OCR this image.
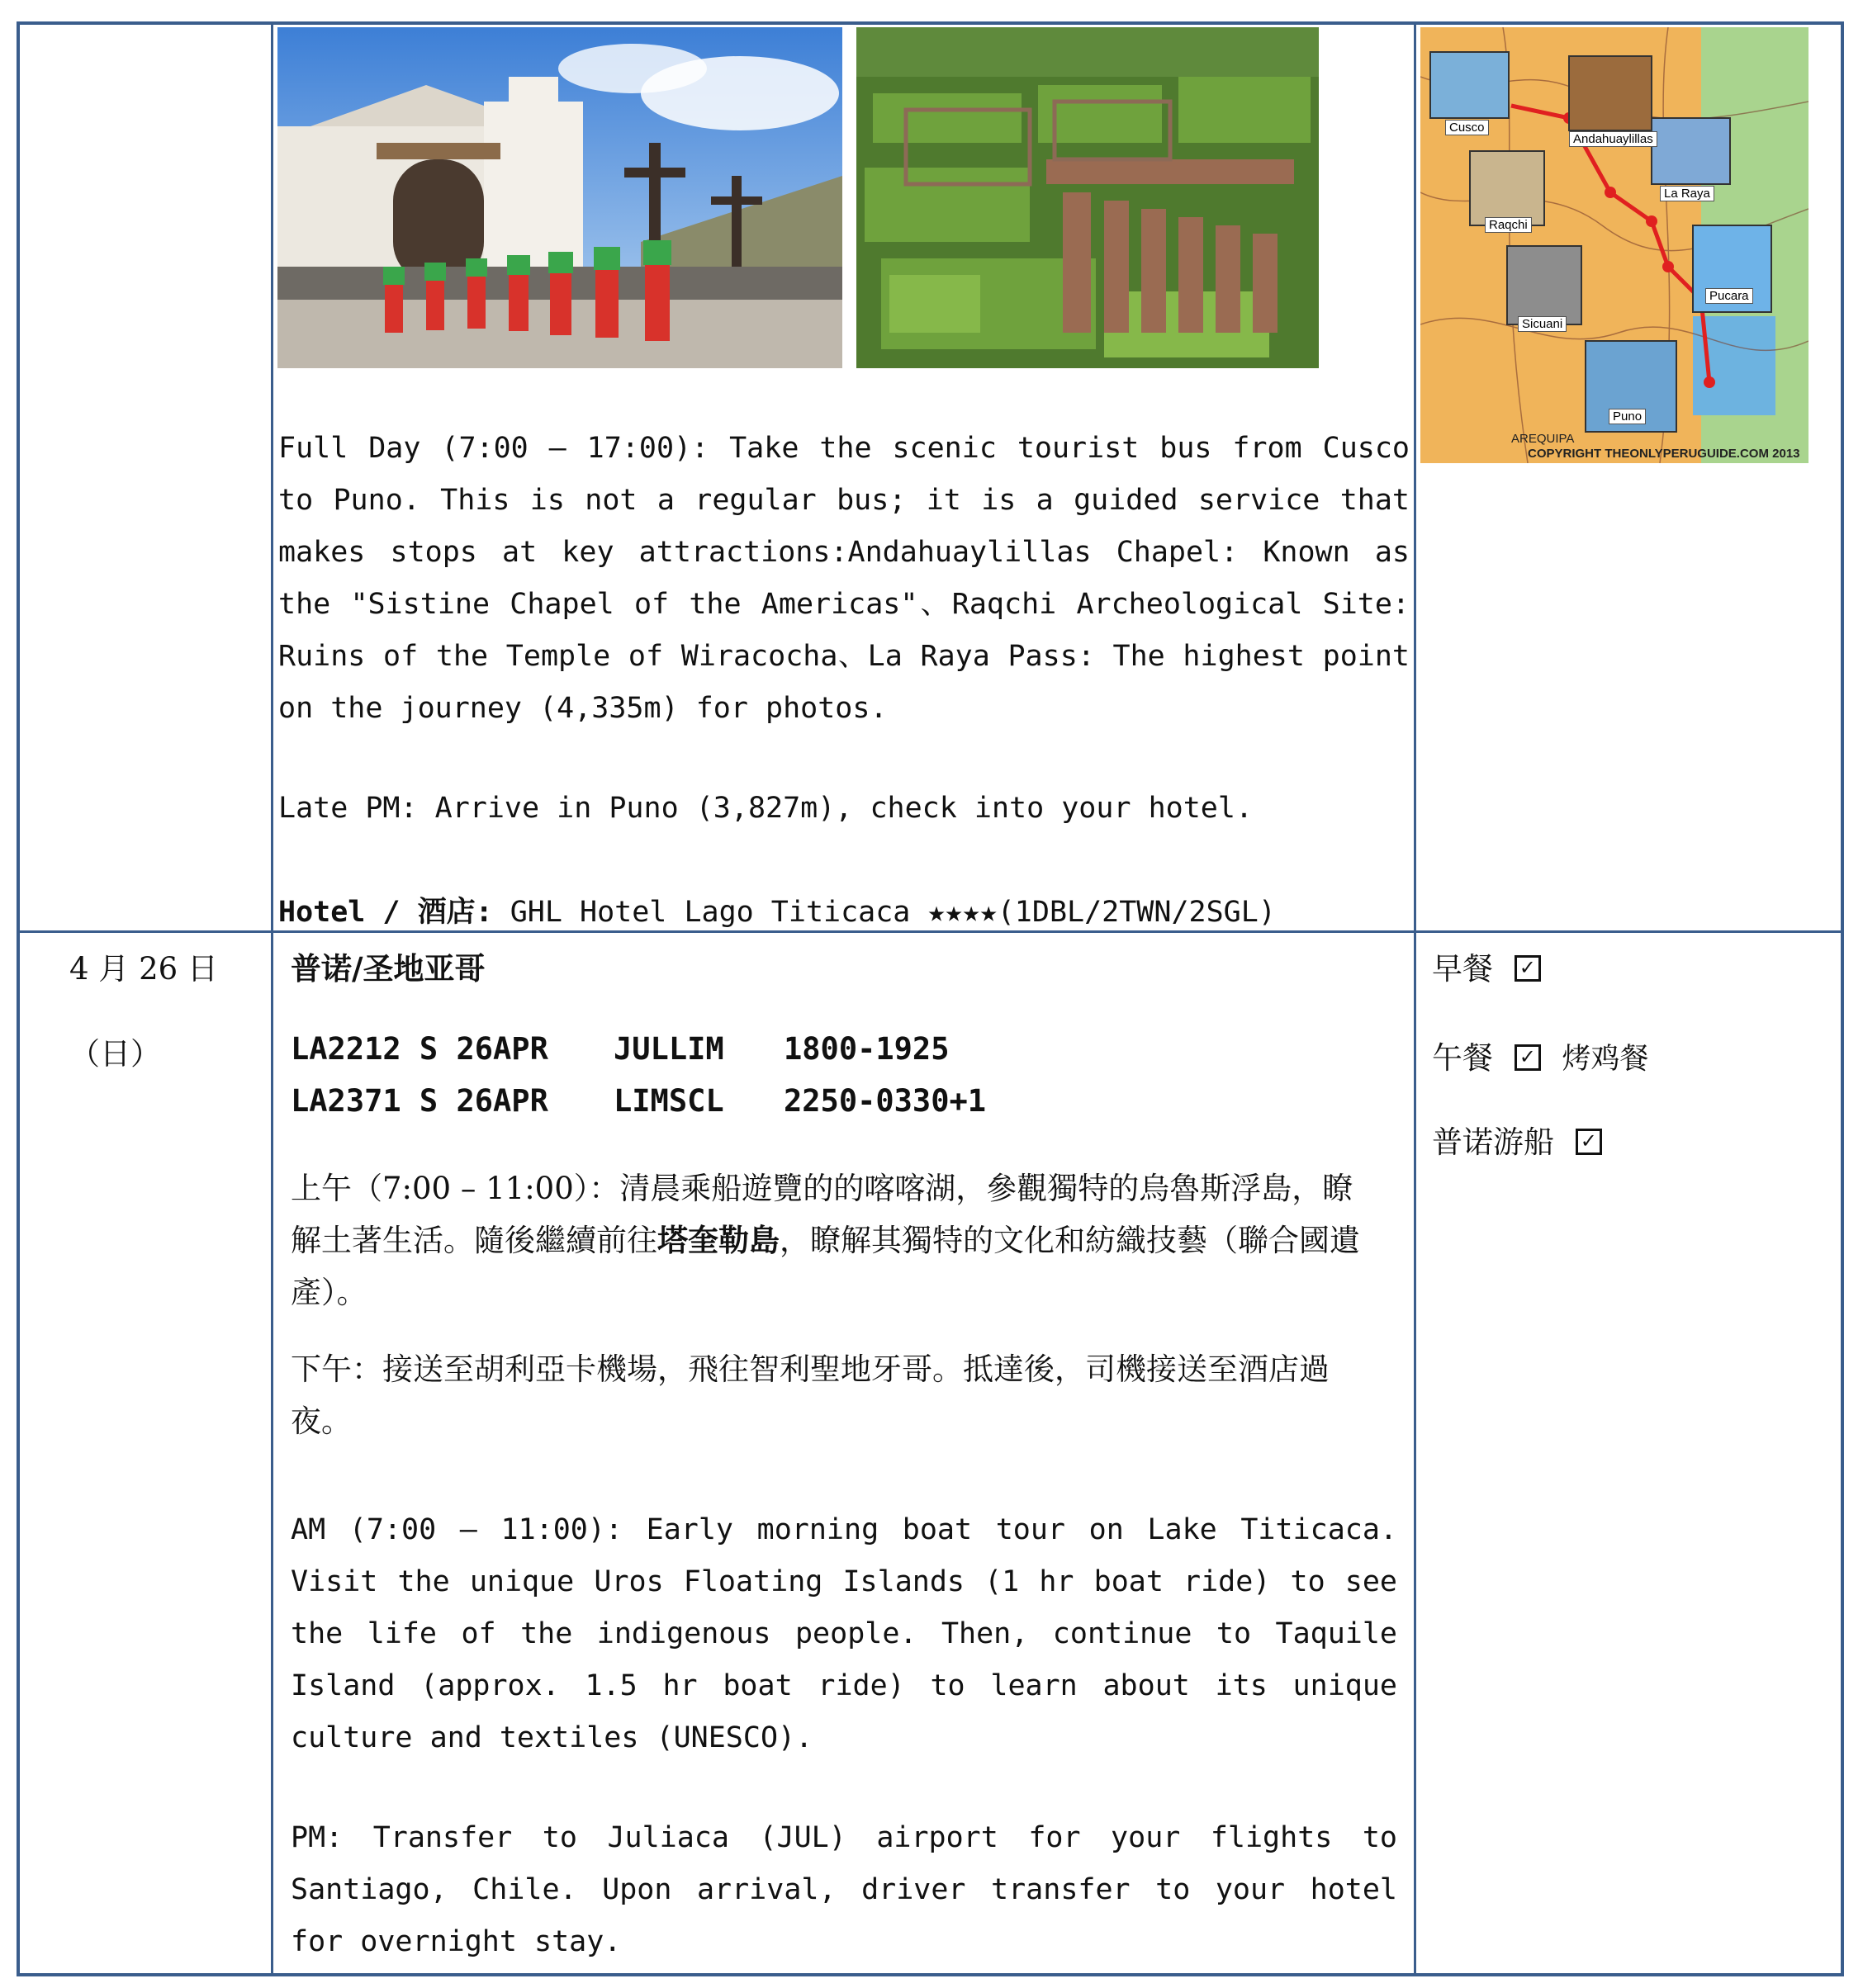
Cusco
Andahuaylillas
La Raya
Raqchi
Pucara
Sicuani
Puno
AREQUIPA
COPYRIGHT THEONLYPERUGUIDE.COM 2013

Full Day (7:00 – 17:00): Take the scenic tourist bus from Cusco to Puno. This is not a regular bus; it is a guided service that makes stops at key attractions:Andahuaylillas Chapel: Known as the "Sistine Chapel of the Americas"、Raqchi Archeological Site: Ruins of the Temple of Wiracocha、La Raya Pass: The highest point on the journey (4,335m) for photos.

Late PM: Arrive in Puno (3,827m), check into your hotel.

Hotel / 酒店: GHL Hotel Lago Titicaca ★★★★(1DBL/2TWN/2SGL)

4 月 26 日
（日）
普诺/圣地亚哥
LA2212 S 26APR JULLIM 1800-1925
LA2371 S 26APR LIMSCL 2250-0330+1

上午（7:00 – 11:00）：清晨乘船遊覽的的喀喀湖，參觀獨特的烏魯斯浮島，瞭解土著生活。隨後繼續前往塔奎勒島，瞭解其獨特的文化和紡織技藝（聯合國遺產）。

下午：接送至胡利亞卡機場，飛往智利聖地牙哥。抵達後，司機接送至酒店過夜。

AM (7:00 – 11:00): Early morning boat tour on Lake Titicaca. Visit the unique Uros Floating Islands (1 hr boat ride) to see the life of the indigenous people. Then, continue to Taquile Island (approx. 1.5 hr boat ride) to learn about its unique culture and textiles (UNESCO).

PM: Transfer to Juliaca (JUL) airport for your flights to Santiago, Chile. Upon arrival, driver transfer to your hotel for overnight stay.

早餐 ✓
午餐 ✓ 烤鸡餐
普诺游船 ✓
